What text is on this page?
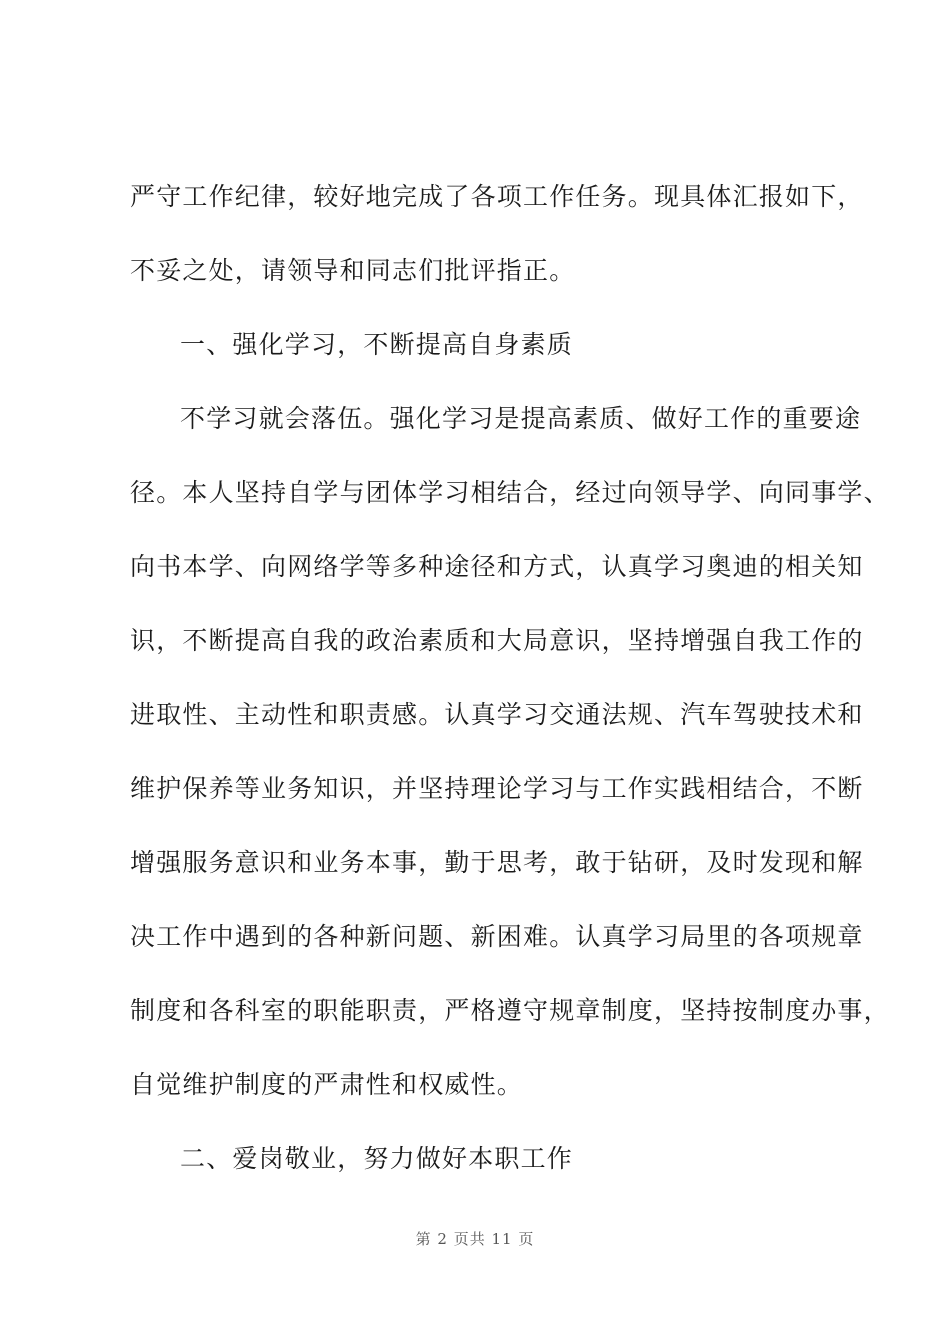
严守工作纪律，较好地完成了各项工作任务。现具体汇报如下，
不妥之处，请领导和同志们批评指正。
一、强化学习，不断提高自身素质
不学习就会落伍。强化学习是提高素质、做好工作的重要途
径。本人坚持自学与团体学习相结合，经过向领导学、向同事学、
向书本学、向网络学等多种途径和方式，认真学习奥迪的相关知
识，不断提高自我的政治素质和大局意识，坚持增强自我工作的
进取性、主动性和职责感。认真学习交通法规、汽车驾驶技术和
维护保养等业务知识，并坚持理论学习与工作实践相结合，不断
增强服务意识和业务本事，勤于思考，敢于钻研，及时发现和解
决工作中遇到的各种新问题、新困难。认真学习局里的各项规章
制度和各科室的职能职责，严格遵守规章制度，坚持按制度办事，
自觉维护制度的严肃性和权威性。
二、爱岗敬业，努力做好本职工作
第 2 页共 11 页
